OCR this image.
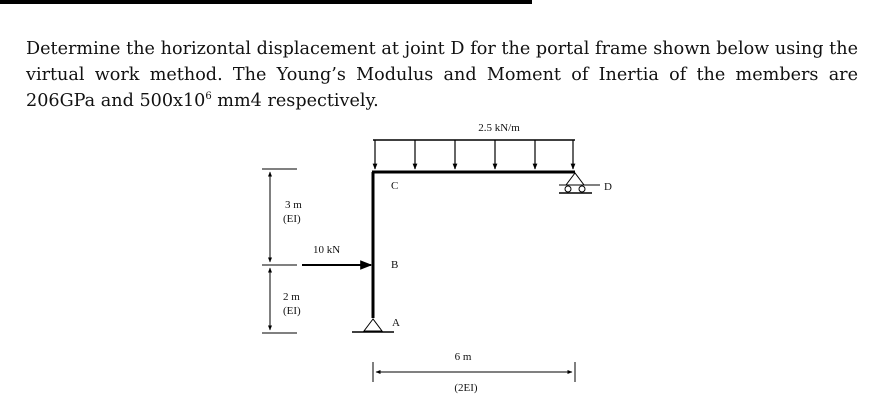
Determine the horizontal displacement at joint D for the portal frame shown below using the virtual work method. The Young’s Modulus and Moment of Inertia of the members are 206GPa and $500x10^6$ mm4 respectively.

2.5 kN/m
D
C
B
A
10 kN
3 m
(EI)
2 m
(EI)
6 m
(2EI)
